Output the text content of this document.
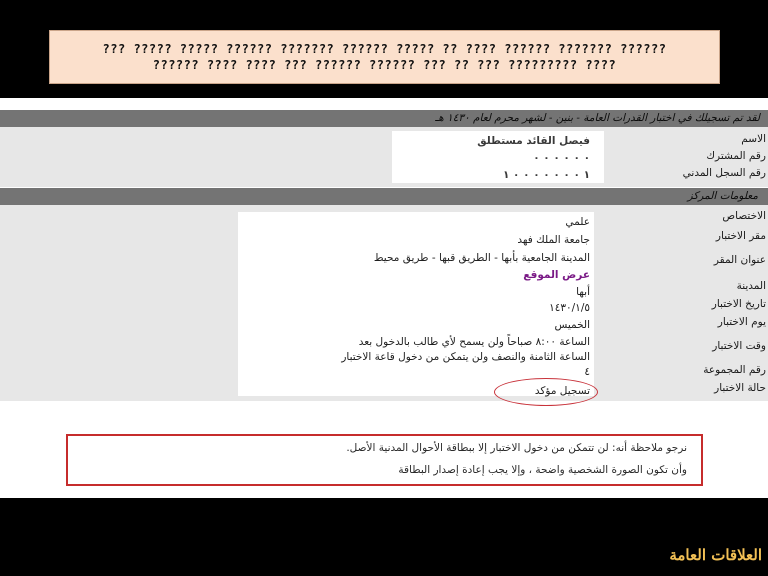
??? ????? ????? ?????? ??????? ?????? ????? ?? ???? ?????? ??????? ??????
?????? ???? ???? ??? ?????? ?????? ??? ?? ??? ????????? ????
لقد تم تسجيلك في اختبار القدرات العامة - بنين - لشهر محرم لعام ١٤٣٠ هـ
الاسم
فيصل القائد مستطلق
رقم المشترك
٠ ٠ ٠ ٠ ٠ ٠
رقم السجل المدني
١ ٠ ٠ ٠ ٠ ٠ ٠ ٠ ١
معلومات المركز
الاختصاص
علمي
مقر الاختبار
جامعة الملك فهد
عنوان المقر
المدينة الجامعية بأبها - الطريق قبها - طريق محيط
عرض الموقع
المدينة
أبها
تاريخ الاختبار
١٤٣٠/١/٥
يوم الاختبار
الخميس
وقت الاختبار
الساعة ٨:٠٠ صباحاً ولن يسمح لأي طالب بالدخول بعد
الساعة الثامنة والنصف ولن يتمكن من دخول قاعة الاختبار
رقم المجموعة
٤
حالة الاختبار
تسجيل مؤكد
نرجو ملاحظة أنه: لن تتمكن من دخول الاختبار إلا ببطاقة الأحوال المدنية الأصل.
وأن تكون الصورة الشخصية واضحة ، وإلا يجب إعادة إصدار البطاقة
العلاقات العامة
